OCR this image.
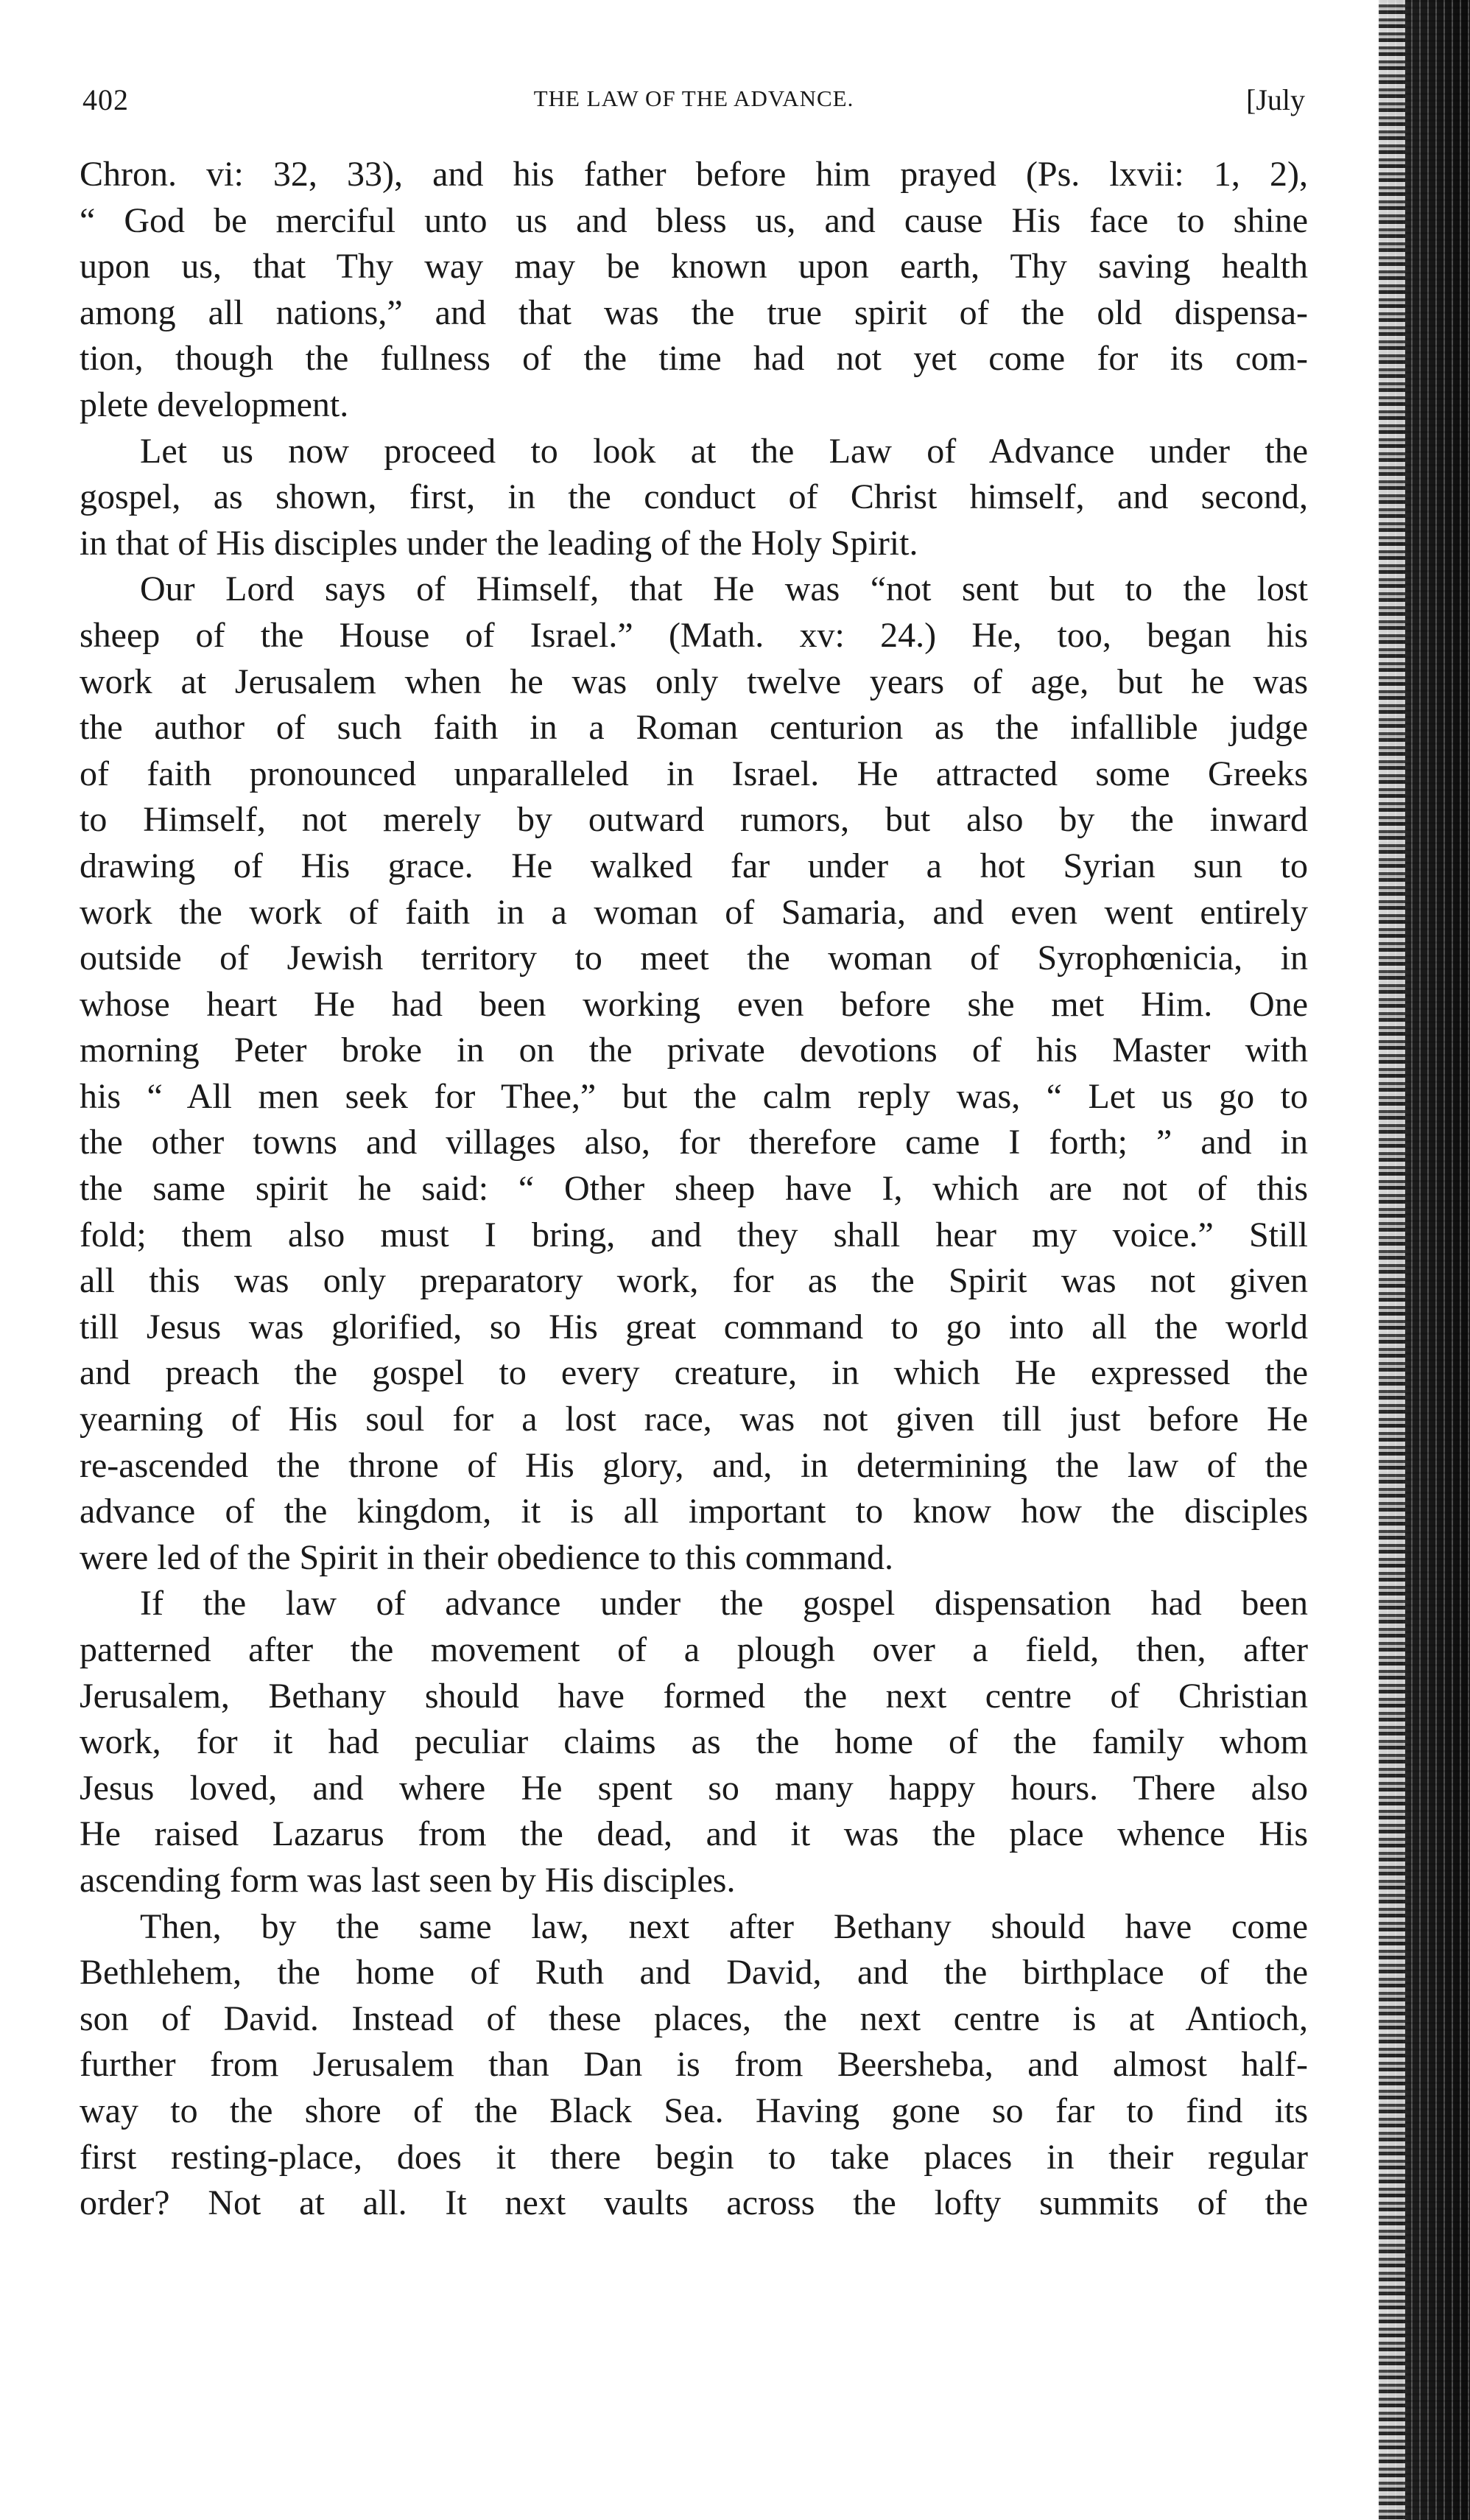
402	THE LAW OF THE ADVANCE.	[July
Chron. vi: 32, 33), and his father before him prayed (Ps. lxvii: 1, 2),
“ God be merciful unto us and bless us, and cause His face to shine
upon us, that Thy way may be known upon earth, Thy saving health
among all nations,” and that was the true spirit of the old dispensa-
tion, though the fullness of the time had not yet come for its com-
plete development.
Let us now proceed to look at the Law of Advance under the
gospel, as shown, first, in the conduct of Christ himself, and second,
in that of His disciples under the leading of the Holy Spirit.
Our Lord says of Himself, that He was “not sent but to the lost
sheep of the House of Israel.” (Math. xv: 24.) He, too, began his
work at Jerusalem when he was only twelve years of age, but he was
the author of such faith in a Roman centurion as the infallible judge
of faith pronounced unparalleled in Israel. He attracted some Greeks
to Himself, not merely by outward rumors, but also by the inward
drawing of His grace. He walked far under a hot Syrian sun to
work the work of faith in a woman of Samaria, and even went entirely
outside of Jewish territory to meet the woman of Syrophœnicia, in
whose heart He had been working even before she met Him. One
morning Peter broke in on the private devotions of his Master with
his “ All men seek for Thee,” but the calm reply was, “ Let us go to
the other towns and villages also, for therefore came I forth; ” and in
the same spirit he said: “ Other sheep have I, which are not of this
fold; them also must I bring, and they shall hear my voice.” Still
all this was only preparatory work, for as the Spirit was not given
till Jesus was glorified, so His great command to go into all the world
and preach the gospel to every creature, in which He expressed the
yearning of His soul for a lost race, was not given till just before He
re-ascended the throne of His glory, and, in determining the law of the
advance of the kingdom, it is all important to know how the disciples
were led of the Spirit in their obedience to this command.
If the law of advance under the gospel dispensation had been
patterned after the movement of a plough over a field, then, after
Jerusalem, Bethany should have formed the next centre of Christian
work, for it had peculiar claims as the home of the family whom
Jesus loved, and where He spent so many happy hours. There also
He raised Lazarus from the dead, and it was the place whence His
ascending form was last seen by His disciples.
Then, by the same law, next after Bethany should have come
Bethlehem, the home of Ruth and David, and the birthplace of the
son of David. Instead of these places, the next centre is at Antioch,
further from Jerusalem than Dan is from Beersheba, and almost half-
way to the shore of the Black Sea. Having gone so far to find its
first resting-place, does it there begin to take places in their regular
order? Not at all. It next vaults across the lofty summits of the
